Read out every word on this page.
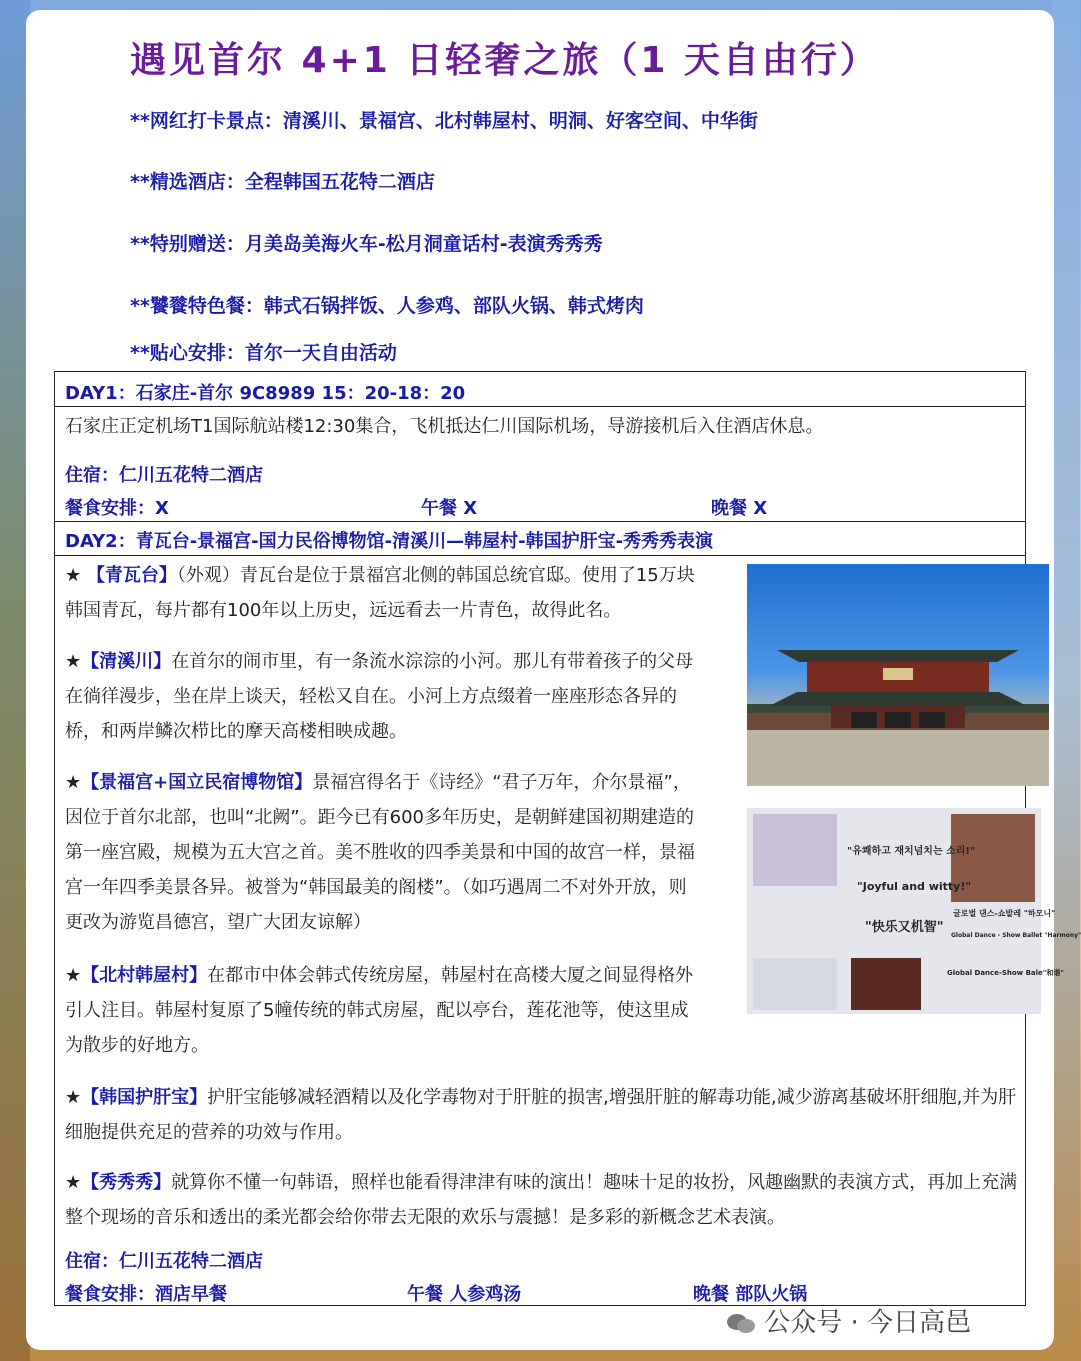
遇见首尔 4+1 日轻奢之旅（1 天自由行）
**网红打卡景点：清溪川、景福宫、北村韩屋村、明洞、好客空间、中华街
**精选酒店：全程韩国五花特二酒店
**特别赠送：月美岛美海火车-松月洞童话村-表演秀秀秀
**饕餮特色餐：韩式石锅拌饭、人参鸡、部队火锅、韩式烤肉
**贴心安排：首尔一天自由活动
DAY1：石家庄-首尔 9C8989 15：20-18：20
石家庄正定机场T1国际航站楼12:30集合，飞机抵达仁川国际机场，导游接机后入住酒店休息。
住宿：仁川五花特二酒店
餐食安排：X	午餐 X	晚餐 X
DAY2：青瓦台-景福宫-国力民俗博物馆-清溪川—韩屋村-韩国护肝宝-秀秀秀表演
★ 【青瓦台】（外观）青瓦台是位于景福宫北侧的韩国总统官邸。使用了15万块韩国青瓦，每片都有100年以上历史，远远看去一片青色，故得此名。
★【清溪川】在首尔的闹市里，有一条流水淙淙的小河。那儿有带着孩子的父母在徜徉漫步，坐在岸上谈天，轻松又自在。小河上方点缀着一座座形态各异的桥，和两岸鳞次栉比的摩天高楼相映成趣。
★【景福宫+国立民宿博物馆】景福宫得名于《诗经》“君子万年，介尔景福”，因位于首尔北部，也叫“北阙”。距今已有600多年历史，是朝鲜建国初期建造的第一座宫殿，规模为五大宫之首。美不胜收的四季美景和中国的故宫一样，景福宫一年四季美景各异。被誉为“韩国最美的阁楼”。（如巧遇周二不对外开放，则更改为游览昌德宫，望广大团友谅解）
★【北村韩屋村】在都市中体会韩式传统房屋，韩屋村在高楼大厦之间显得格外引人注目。韩屋村复原了5幢传统的韩式房屋，配以亭台，莲花池等，使这里成为散步的好地方。
★【韩国护肝宝】护肝宝能够减轻酒精以及化学毒物对于肝脏的损害,增强肝脏的解毒功能,减少游离基破坏肝细胞,并为肝细胞提供充足的营养的功效与作用。
★【秀秀秀】就算你不懂一句韩语，照样也能看得津津有味的演出！趣味十足的妆扮，风趣幽默的表演方式，再加上充满整个现场的音乐和透出的柔光都会给你带去无限的欢乐与震撼！是多彩的新概念艺术表演。
住宿：仁川五花特二酒店
餐食安排：酒店早餐	午餐 人参鸡汤	晚餐 部队火锅
"유쾌하고 재치넘치는 소리!"
"Joyful and witty!"
"快乐又机智"
글로벌 댄스-쇼발레 "하모니"
Global Dance - Show Ballet "Harmony"
Global Dance-Show Bale"和谐"
公众号 · 今日高邑
